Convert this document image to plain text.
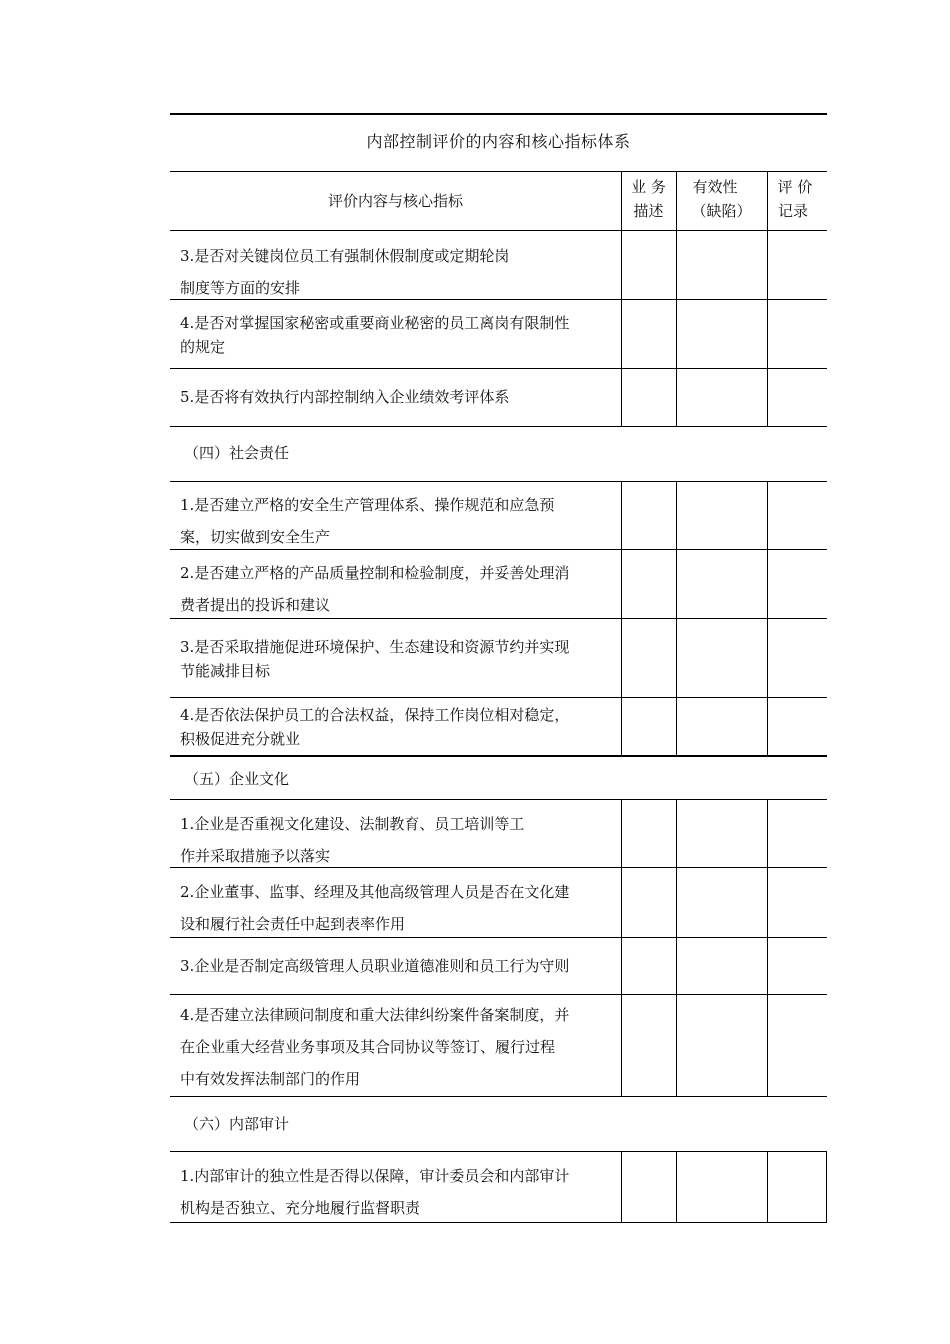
内部控制评价的内容和核心指标体系
评价内容与核心指标
业 务
描述
有效性
（缺陷）
评 价
记录
3.是否对关键岗位员工有强制休假制度或定期轮岗
制度等方面的安排
4.是否对掌握国家秘密或重要商业秘密的员工离岗有限制性
的规定
5.是否将有效执行内部控制纳入企业绩效考评体系
（四）社会责任
1.是否建立严格的安全生产管理体系、操作规范和应急预
案，切实做到安全生产
2.是否建立严格的产品质量控制和检验制度，并妥善处理消
费者提出的投诉和建议
3.是否采取措施促进环境保护、生态建设和资源节约并实现
节能减排目标
4.是否依法保护员工的合法权益，保持工作岗位相对稳定，
积极促进充分就业
（五）企业文化
1.企业是否重视文化建设、法制教育、员工培训等工
作并采取措施予以落实
2.企业董事、监事、经理及其他高级管理人员是否在文化建
设和履行社会责任中起到表率作用
3.企业是否制定高级管理人员职业道德准则和员工行为守则
4.是否建立法律顾问制度和重大法律纠纷案件备案制度，并
在企业重大经营业务事项及其合同协议等签订、履行过程
中有效发挥法制部门的作用
（六）内部审计
1.内部审计的独立性是否得以保障，审计委员会和内部审计
机构是否独立、充分地履行监督职责
